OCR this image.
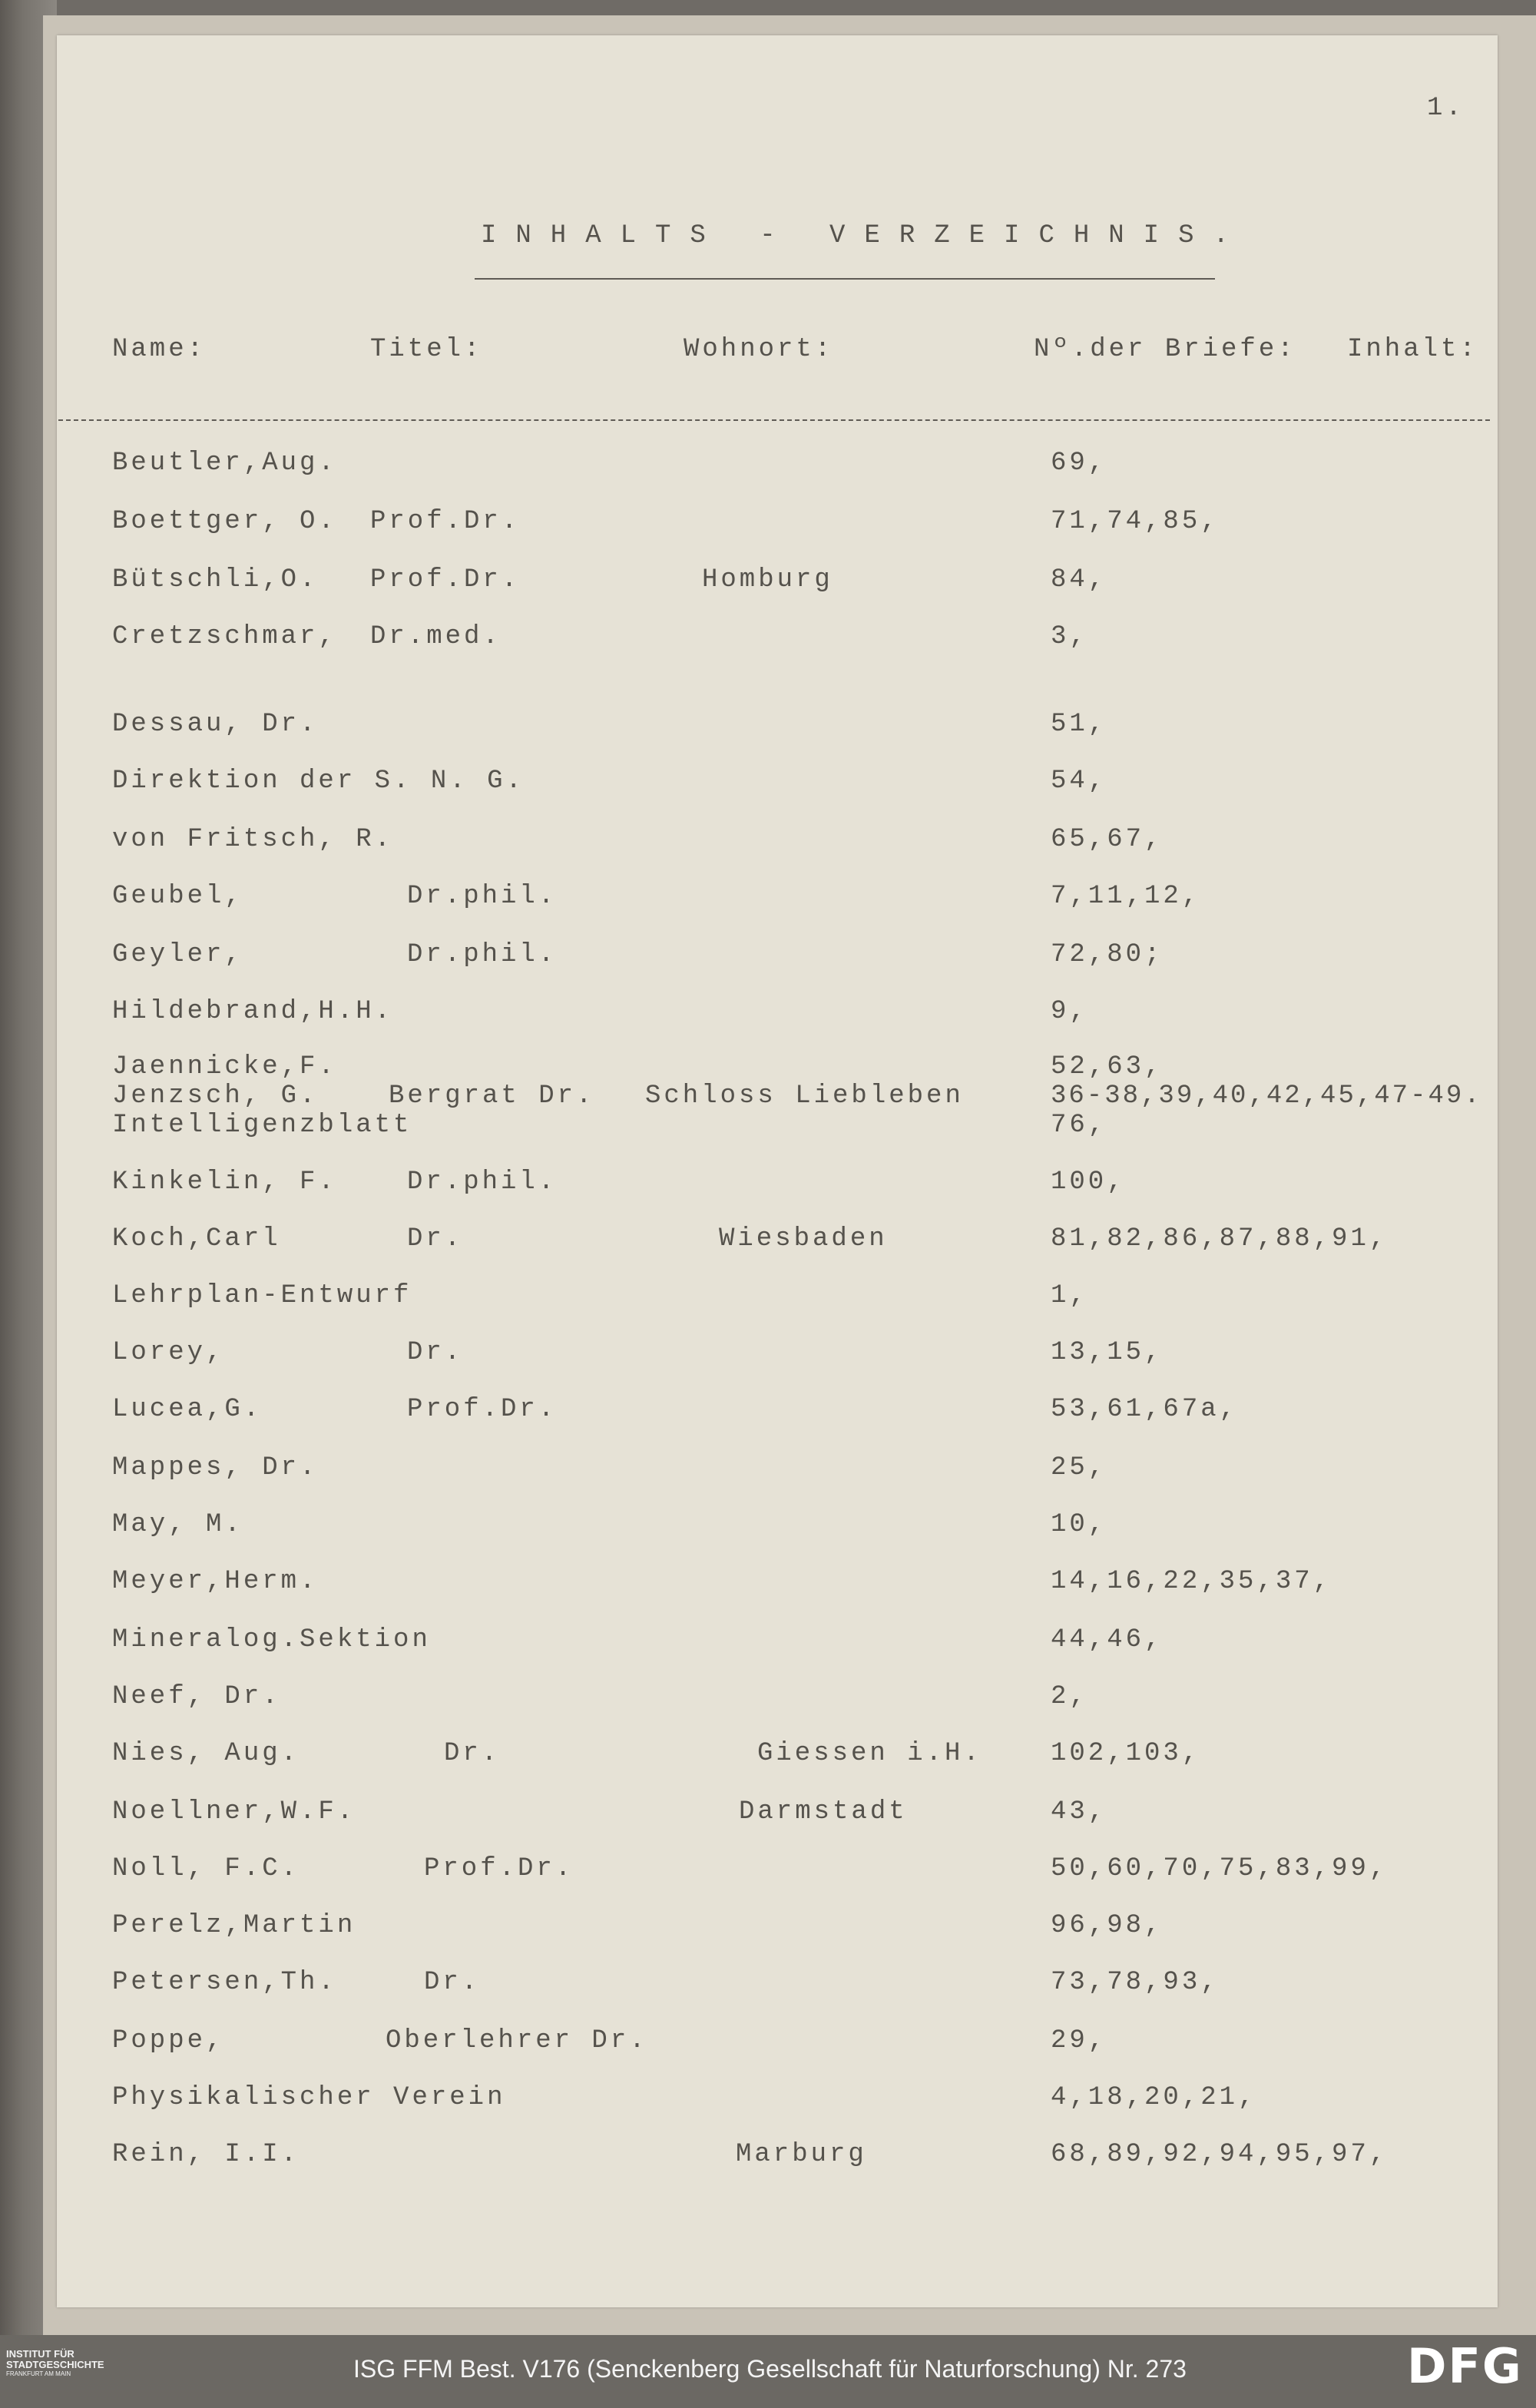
1.
INHALTS - VERZEICHNIS.
Name:	Titel:	Wohnort:	Nº.der Briefe: Inhalt:
Beutler,Aug.	69,
Boettger, O. Prof.Dr.	71,74,85,
Bütschli,O. Prof.Dr.	Homburg	84,
Cretzschmar, Dr.med.	3,
Dessau, Dr.	51,
Direktion der S. N. G.	54,
von Fritsch, R.	65,67,
Geubel,	Dr.phil.	7,11,12,
Geyler,	Dr.phil.	72,80;
Hildebrand,H.H.	9,
Jaennicke,F.	52,63,
Jenzsch, G.	Bergrat Dr. Schloss Liebleben	36-38,39,40,42,45,47-49.
Intelligenzblatt	76,
Kinkelin, F.	Dr.phil.	100,
Koch,Carl	Dr.	Wiesbaden	81,82,86,87,88,91,
Lehrplan-Entwurf	1,
Lorey,	Dr.	13,15,
Lucea,G.	Prof.Dr.	53,61,67a,
Mappes, Dr.	25,
May, M.	10,
Meyer,Herm.	14,16,22,35,37,
Mineralog.Sektion	44,46,
Neef, Dr.	2,
Nies, Aug.	Dr.	Giessen i.H.	102,103,
Noellner,W.F.	Darmstadt	43,
Noll, F.C.	Prof.Dr.	50,60,70,75,83,99,
Perelz,Martin	96,98,
Petersen,Th.	Dr.	73,78,93,
Poppe,	Oberlehrer Dr.	29,
Physikalischer Verein	4,18,20,21,
Rein, I.I.	Marburg	68,89,92,94,95,97,
INSTITUT FÜR
STADTGESCHICHTE
FRANKFURT AM MAIN	ISG FFM Best. V176 (Senckenberg Gesellschaft für Naturforschung) Nr. 273	DFG
